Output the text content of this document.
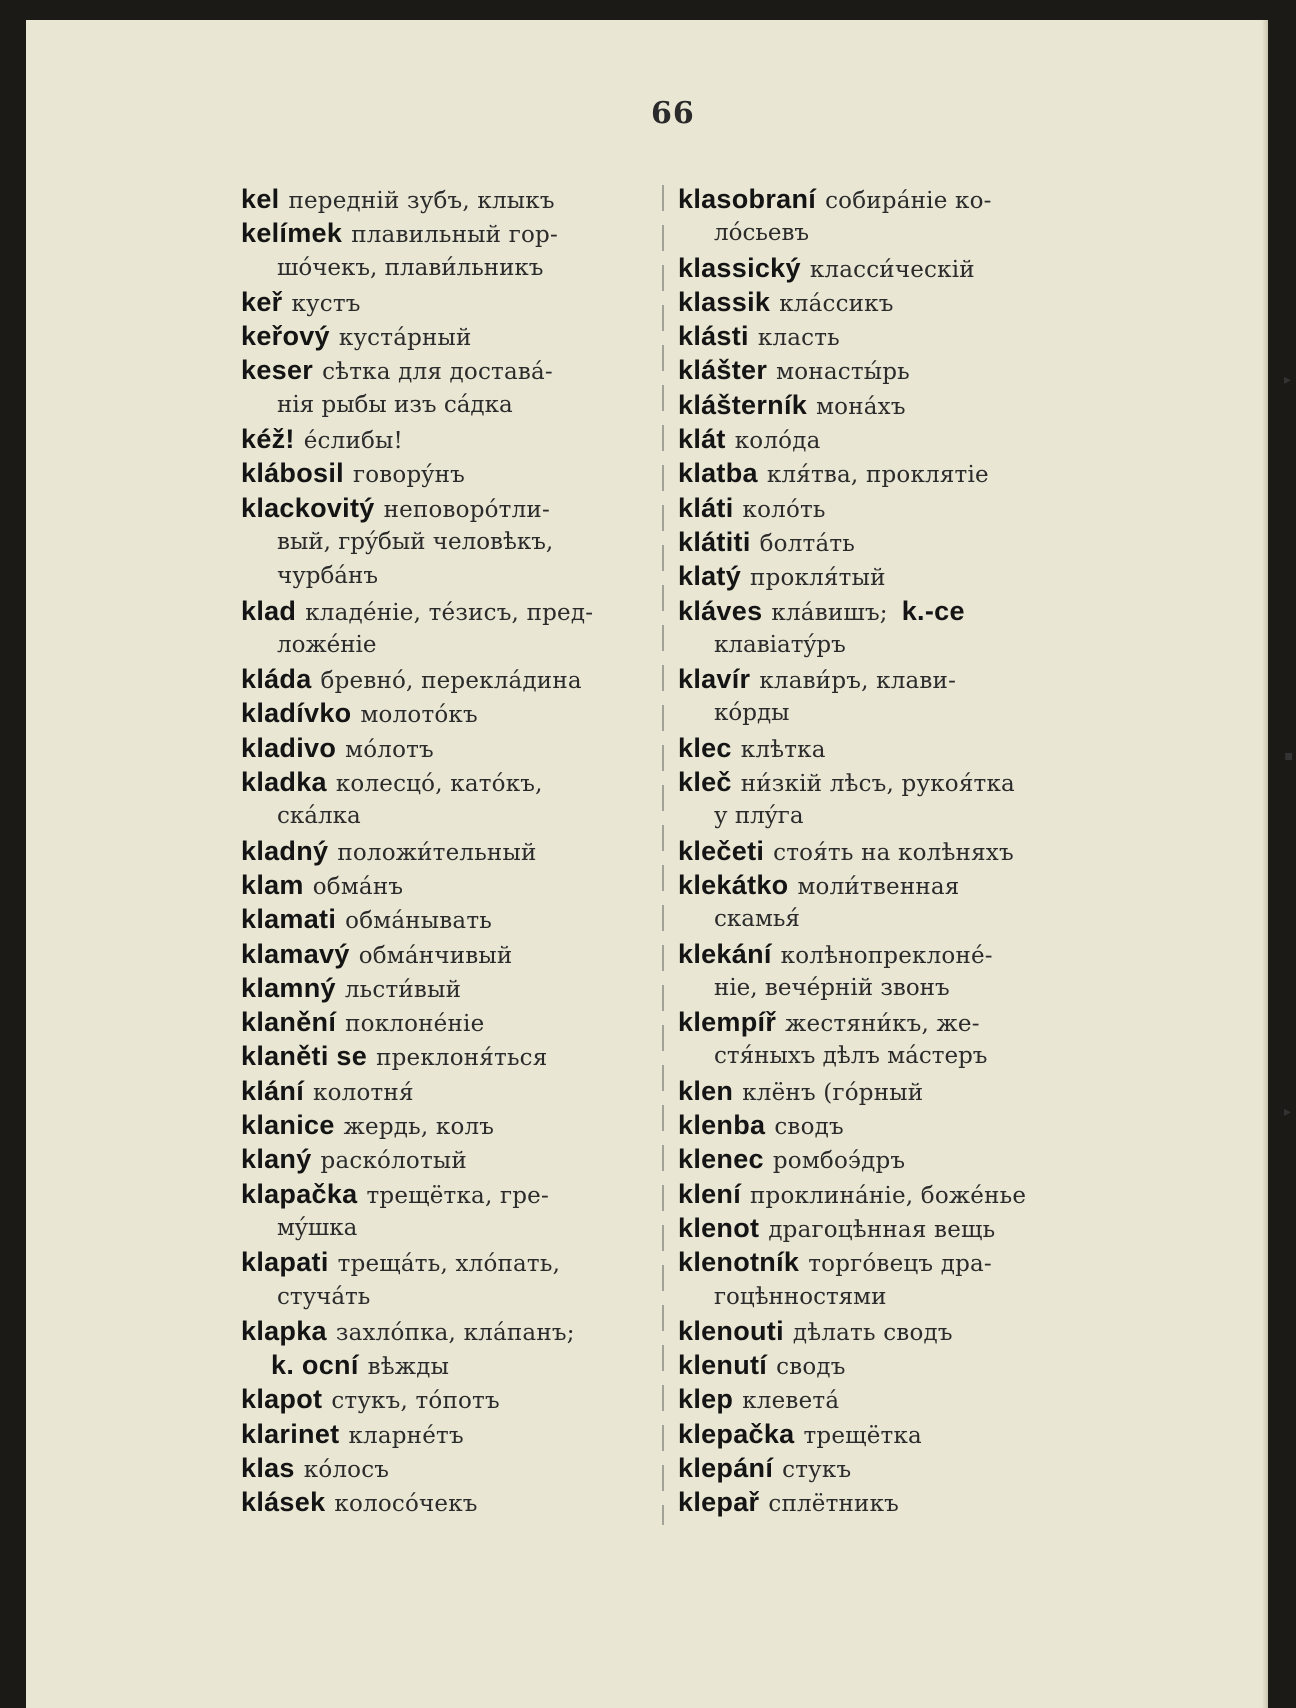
66
kel передній зубъ, клыкъ
kelímek плавильный гор-
шóчекъ, плави́льникъ
keř кустъ
keřový кустáрный
keser сѣтка для достава́-
нія рыбы изъ сáдка
kéž! éслибы!
klábosil говорýнъ
klackovitý неповорóтли-
вый, грýбый человѣкъ,
чурбáнъ
klad кладéніе, тéзисъ, пред-
ложéніе
kláda бревнó, переклáдина
kladívko молотóкъ
kladivo мóлотъ
kladka колесцó, катóкъ,
скáлка
kladný положи́тельный
klam обмáнъ
klamati обмáнывать
klamavý обмáнчивый
klamný льсти́вый
klanění поклонéніе
klaněti se преклоня́ться
klání колотня́
klanice жердь, колъ
klaný раскóлотый
klapačka трещётка, гре-
мýшка
klapati трещáть, хлóпать,
стучáть
klapka захлóпка, клáпанъ;
k. ocní вѣжды
klapot стукъ, тóпотъ
klarinet кларнéтъ
klas кóлосъ
klásek колосóчекъ
klasobraní собирáніе ко-
лóсьевъ
klassický класси́ческій
klassik клáссикъ
klásti класть
klášter монасты́рь
klášterník монáхъ
klát колóда
klatba кля́тва, проклятіе
kláti колóть
klátiti болтáть
klatý прокля́тый
kláves клáвишъ; k.-ce
клавіатýръ
klavír клави́ръ, клави-
кóрды
klec клѣтка
kleč ни́зкій лѣсъ, рукоя́тка
у плýга
klečeti стоя́ть на колѣняхъ
klekátko моли́твенная
скамья́
klekání колѣнопреклонé-
ніе, вечéрній звонъ
klempíř жестяни́къ, же-
стя́ныхъ дѣлъ мáстеръ
klen клёнъ (гóрный
klenba сводъ
klenec ромбоэ́дръ
klení проклинáніе, божéнье
klenot драгоцѣнная вещь
klenotník торгóвецъ дра-
гоцѣнностями
klenouti дѣлать сводъ
klenutí сводъ
klep клеветá
klepačka трещётка
klepání стукъ
klepař сплётникъ
▸
▪
▸
